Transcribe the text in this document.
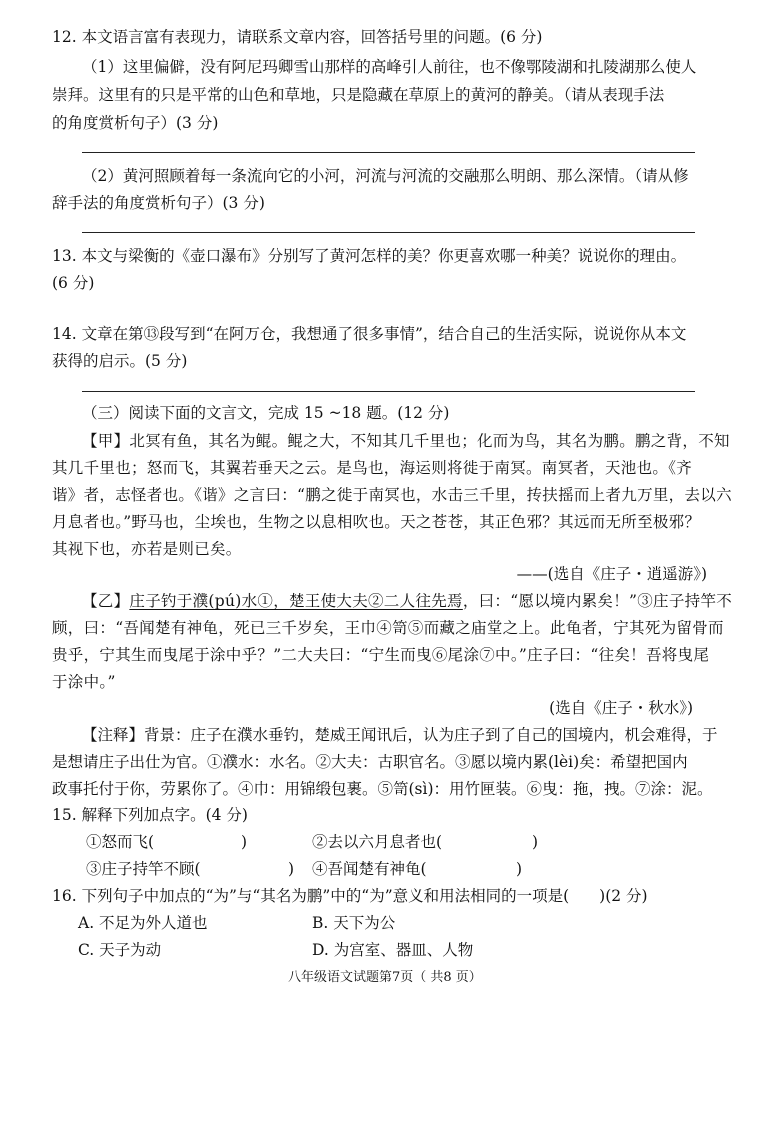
12. 本文语言富有表现力，请联系文章内容，回答括号里的问题。(6 分)
（1）这里偏僻，没有阿尼玛卿雪山那样的高峰引人前往，也不像鄂陵湖和扎陵湖那么使人
崇拜。这里有的只是平常的山色和草地，只是隐藏在草原上的黄河的静美。（请从表现手法
的角度赏析句子）(3 分)
（2）黄河照顾着每一条流向它的小河，河流与河流的交融那么明朗、那么深情。（请从修
辞手法的角度赏析句子）(3 分)
13. 本文与梁衡的《壶口瀑布》分别写了黄河怎样的美？你更喜欢哪一种美？说说你的理由。
(6 分)
14. 文章在第⑬段写到“在阿万仓，我想通了很多事情”，结合自己的生活实际，说说你从本文
获得的启示。(5 分)
（三）阅读下面的文言文，完成 15 ~18 题。(12 分)
【甲】北冥有鱼，其名为鲲。鲲之大，不知其几千里也；化而为鸟，其名为鹏。鹏之背，不知
其几千里也；怒而飞，其翼若垂天之云。是鸟也，海运则将徙于南冥。南冥者，天池也。《齐
谐》者，志怪者也。《谐》之言曰：“鹏之徙于南冥也，水击三千里，抟扶摇而上者九万里，去以六
月息者也。”野马也，尘埃也，生物之以息相吹也。天之苍苍，其正色邪？其远而无所至极邪？
其视下也，亦若是则已矣。
——(选自《庄子・逍遥游》)
【乙】庄子钓于濮(pú)水①，楚王使大夫②二人往先焉，曰：“愿以境内累矣！”③庄子持竿不
顾，曰：“吾闻楚有神龟，死已三千岁矣，王巾④笥⑤而藏之庙堂之上。此龟者，宁其死为留骨而
贵乎，宁其生而曳尾于涂中乎？”二大夫曰：“宁生而曳⑥尾涂⑦中。”庄子曰：“往矣！吾将曳尾
于涂中。”
(选自《庄子・秋水》)
【注释】背景：庄子在濮水垂钓，楚威王闻讯后，认为庄子到了自己的国境内，机会难得，于
是想请庄子出仕为官。①濮水：水名。②大夫：古职官名。③愿以境内累(lèi)矣：希望把国内
政事托付于你，劳累你了。④巾：用锦缎包裹。⑤笥(sì)：用竹匣装。⑥曳：拖，拽。⑦涂：泥。
15. 解释下列加点字。(4 分)
①怒而飞(	)	②去以六月息者也(	)
③庄子持竿不顾(	) ④吾闻楚有神龟(	)
16. 下列句子中加点的“为”与“其名为鹏”中的“为”意义和用法相同的一项是( )(2 分)
A. 不足为外人道也	B. 天下为公
C. 天子为动	D. 为宫室、器皿、人物
八年级语文试题第7页（ 共8 页）
